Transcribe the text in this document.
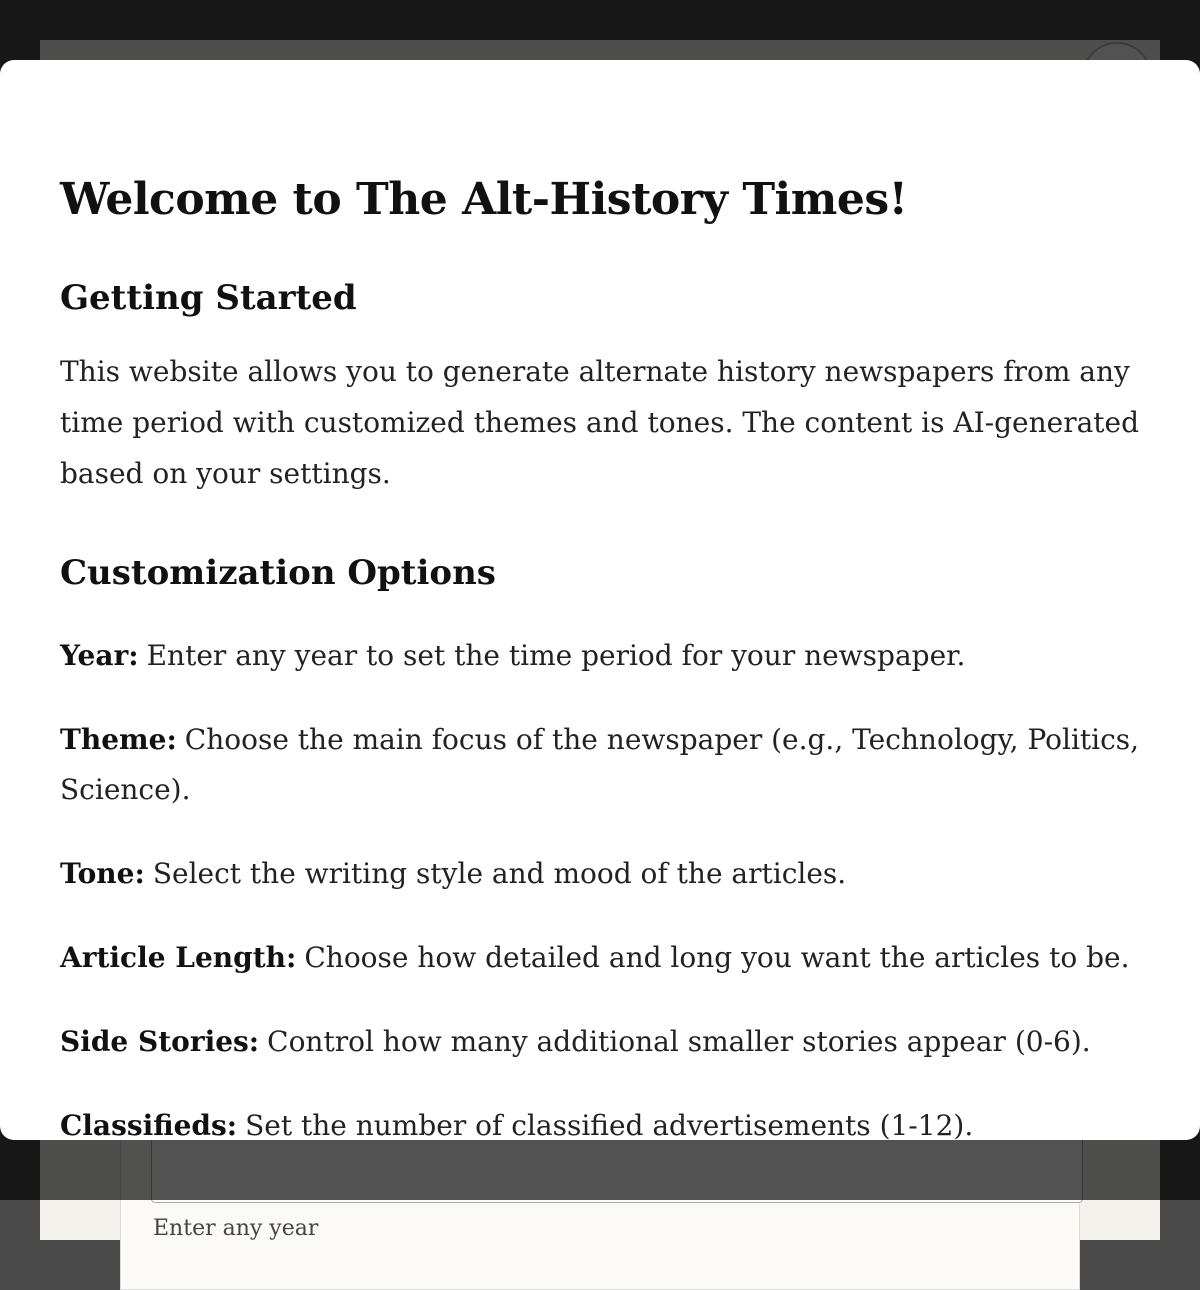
Welcome to The Alt-History Times!
Getting Started

This website allows you to generate alternate history newspapers from any time period with customized themes and tones. The content is AI-generated based on your settings.

Customization Options

Year: Enter any year to set the time period for your newspaper.

Theme: Choose the main focus of the newspaper (e.g., Technology, Politics, Science).

Tone: Select the writing style and mood of the articles.

Article Length: Choose how detailed and long you want the articles to be.

Side Stories: Control how many additional smaller stories appear (0-6).

Classifieds: Set the number of classified advertisements (1-12).
